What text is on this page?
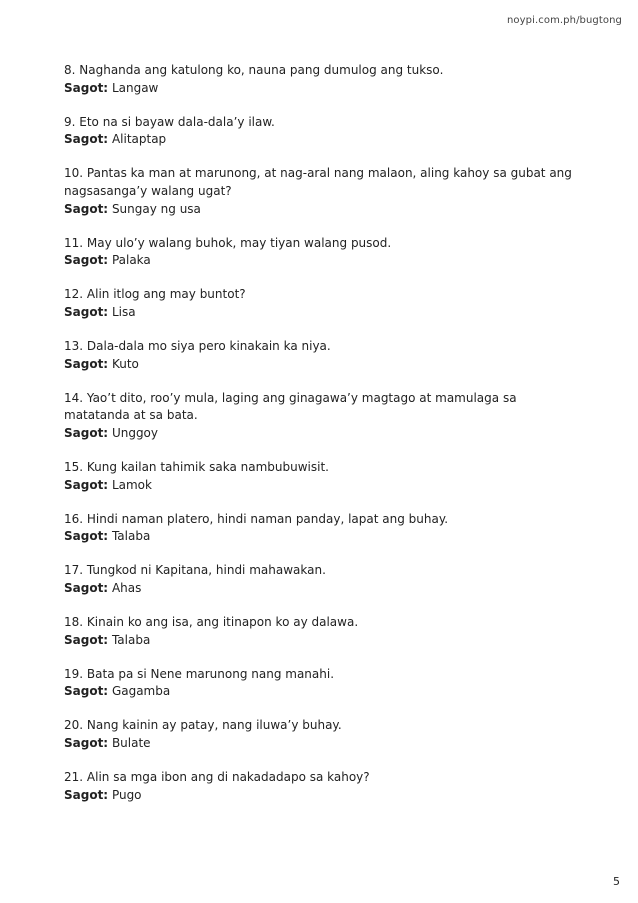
noypi.com.ph/bugtong
8. Naghanda ang katulong ko, nauna pang dumulog ang tukso.
Sagot: Langaw
9. Eto na si bayaw dala-dala’y ilaw.
Sagot: Alitaptap
10. Pantas ka man at marunong, at nag-aral nang malaon, aling kahoy sa gubat ang nagsasanga’y walang ugat?
Sagot: Sungay ng usa
11. May ulo’y walang buhok, may tiyan walang pusod.
Sagot: Palaka
12. Alin itlog ang may buntot?
Sagot: Lisa
13. Dala-dala mo siya pero kinakain ka niya.
Sagot: Kuto
14. Yao’t dito, roo’y mula, laging ang ginagawa’y magtago at mamulaga sa matatanda at sa bata.
Sagot: Unggoy
15. Kung kailan tahimik saka nambubuwisit.
Sagot: Lamok
16. Hindi naman platero, hindi naman panday, lapat ang buhay.
Sagot: Talaba
17. Tungkod ni Kapitana, hindi mahawakan.
Sagot: Ahas
18. Kinain ko ang isa, ang itinapon ko ay dalawa.
Sagot: Talaba
19. Bata pa si Nene marunong nang manahi.
Sagot: Gagamba
20. Nang kainin ay patay, nang iluwa’y buhay.
Sagot: Bulate
21. Alin sa mga ibon ang di nakadadapo sa kahoy?
Sagot: Pugo
5
